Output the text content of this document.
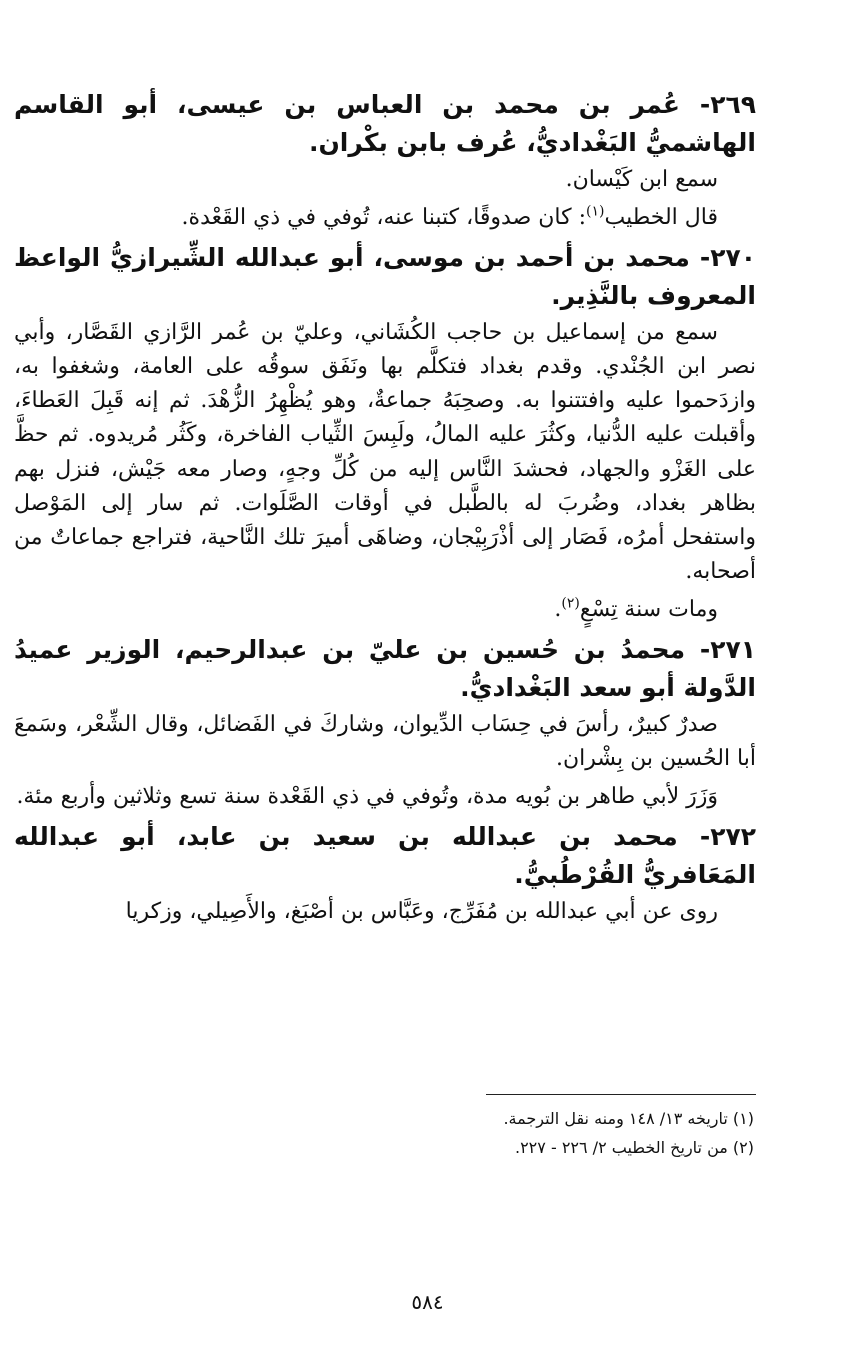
٢٦٩- عُمر بن محمد بن العباس بن عيسى، أبو القاسم الهاشميُّ البَغْداديُّ، عُرف بابن بكْران.
سمع ابن كَيْسان.
قال الخطيب$^{(١)}$: كان صدوقًا، كتبنا عنه، تُوفي في ذي القَعْدة.
٢٧٠- محمد بن أحمد بن موسى، أبو عبدالله الشِّيرازيُّ الواعظ المعروف بالنَّذِير.
سمع من إسماعيل بن حاجب الكُشَاني، وعليّ بن عُمر الرَّازي القَصَّار، وأبي نصر ابن الجُنْدي. وقدم بغداد فتكلَّم بها ونَفَق سوقُه على العامة، وشغفوا به، وازدَحموا عليه وافتتنوا به. وصحِبَهُ جماعةٌ، وهو يُظْهِرُ الزُّهْدَ. ثم إنه قَبِلَ العَطاءَ، وأقبلت عليه الدُّنيا، وكثُرَ عليه المالُ، ولَبِسَ الثِّياب الفاخرة، وكَثُر مُريدوه. ثم حظَّ على الغَزْو والجهاد، فحشدَ النَّاس إليه من كُلِّ وجهٍ، وصار معه جَيْش، فنزل بهم بظاهر بغداد، وضُربَ له بالطَّبل في أوقات الصَّلَوات. ثم سار إلى المَوْصل واستفحل أمرُه، فَصَار إلى أذْرَبِيْجان، وضاهَى أميرَ تلك النَّاحية، فتراجع جماعاتٌ من أصحابه.
ومات سنة تِسْعٍ$^{(٢)}$.
٢٧١- محمدُ بن حُسين بن عليّ بن عبدالرحيم، الوزير عميدُ الدَّولة أبو سعد البَغْداديُّ.
صدرٌ كبيرٌ، رأسَ في حِسَاب الدِّيوان، وشاركَ في الفَضائل، وقال الشِّعْر، وسَمعَ أبا الحُسين بن بِشْران.
وَزَرَ لأبي طاهر بن بُويه مدة، وتُوفي في ذي القَعْدة سنة تسع وثلاثين وأربع مئة.
٢٧٢- محمد بن عبدالله بن سعيد بن عابد، أبو عبدالله المَعَافريُّ القُرْطُبيُّ.
روى عن أبي عبدالله بن مُفَرِّج، وعَبَّاس بن أصْبَغ، والأَصِيلي، وزكريا
(١) تاريخه ١٣/ ١٤٨ ومنه نقل الترجمة.
(٢) من تاريخ الخطيب ٢/ ٢٢٦ - ٢٢٧.
٥٨٤
